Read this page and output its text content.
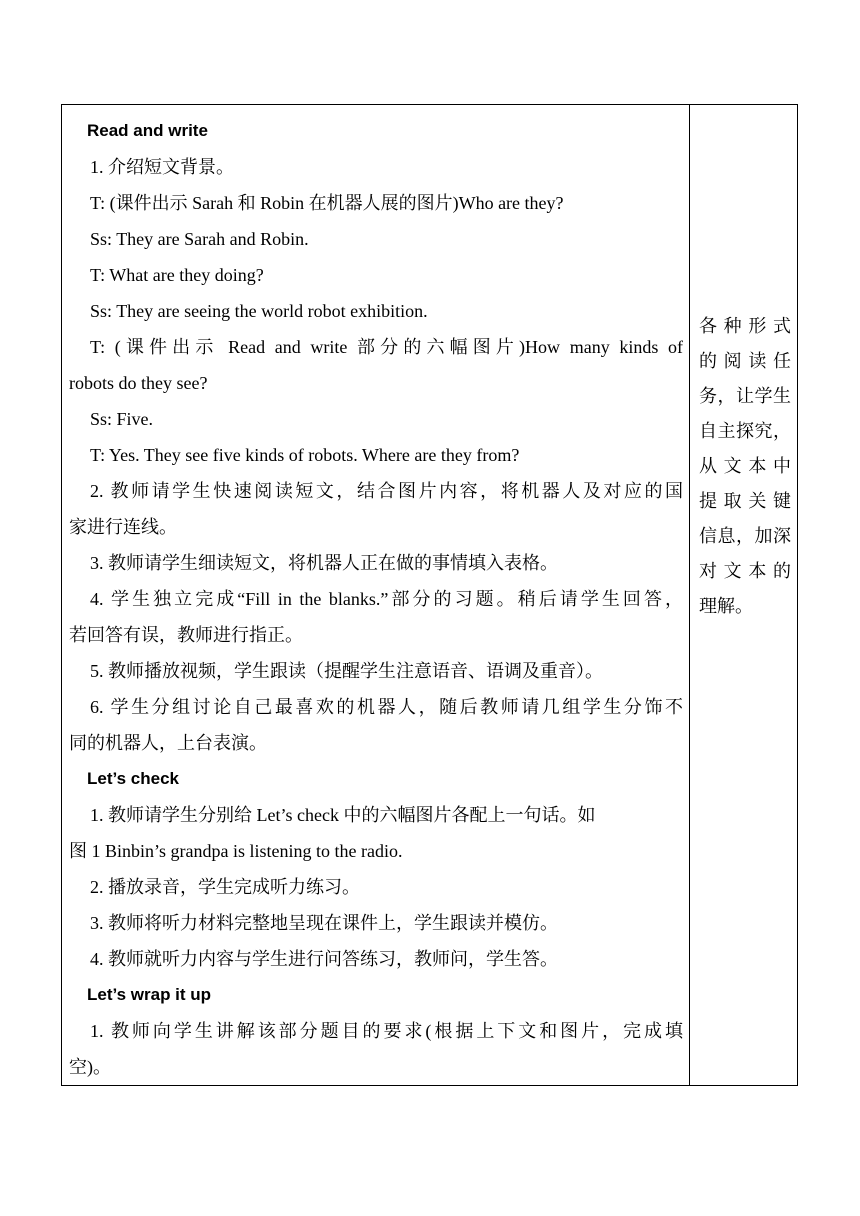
Read and write
1. 介绍短文背景。
T: (课件出示 Sarah 和 Robin 在机器人展的图片)Who are they?
Ss: They are Sarah and Robin.
T: What are they doing?
Ss: They are seeing the world robot exhibition.
T: (课件出示 Read and write 部分的六幅图片)How many kinds of
robots do they see?
Ss: Five.
T: Yes. They see five kinds of robots. Where are they from?
2. 教师请学生快速阅读短文，结合图片内容，将机器人及对应的国
家进行连线。
3. 教师请学生细读短文，将机器人正在做的事情填入表格。
4. 学生独立完成“Fill in the blanks.”部分的习题。稍后请学生回答，
若回答有误，教师进行指正。
5. 教师播放视频，学生跟读（提醒学生注意语音、语调及重音）。
6. 学生分组讨论自己最喜欢的机器人，随后教师请几组学生分饰不
同的机器人，上台表演。
Let’s check
1. 教师请学生分别给 Let’s check 中的六幅图片各配上一句话。如
图 1 Binbin’s grandpa is listening to the radio.
2. 播放录音，学生完成听力练习。
3. 教师将听力材料完整地呈现在课件上，学生跟读并模仿。
4. 教师就听力内容与学生进行问答练习，教师问，学生答。
Let’s wrap it up
1. 教师向学生讲解该部分题目的要求(根据上下文和图片，完成填
空)。
各种形式
的阅读任
务，让学生
自主探究，
从文本中
提取关键
信息，加深
对文本的
理解。
